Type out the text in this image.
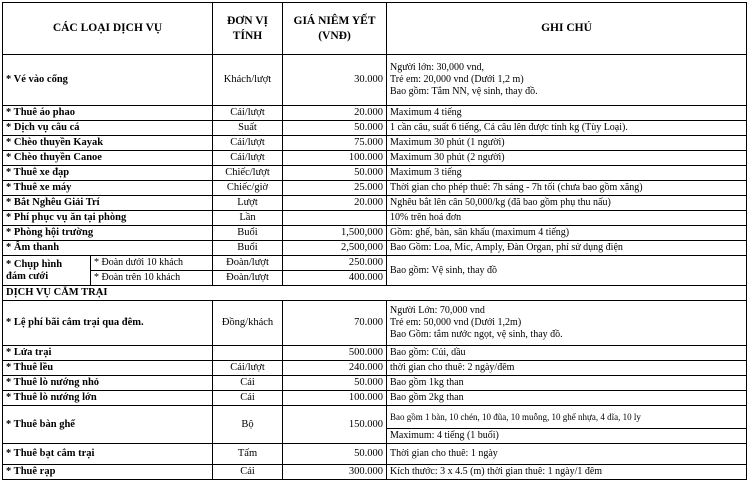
CÁC LOẠI DỊCH VỤ		ĐƠN VỊ TÍNH	GIÁ NIÊM YẾT (VNĐ)	GHI CHÚ
* Vé vào cổng		Khách/lượt	30.000	Người lớn: 30,000 vnd,
Trẻ em: 20,000 vnd (Dưới 1,2 m)
Bao gồm: Tắm NN, vệ sinh, thay đồ.

* Thuê áo phao		Cái/lượt	20.000	Maximum 4 tiếng
* Dịch vụ câu cá		Suất	50.000	1 cần câu, suất 6 tiếng, Cá câu lên được tính kg (Tùy Loại).
* Chèo thuyền Kayak		Cái/lượt	75.000	Maximum 30 phút (1 người)
* Chèo thuyền Canoe		Cái/lượt	100.000	Maximum 30 phút (2 người)
* Thuê xe đạp		Chiếc/lượt	50.000	Maximum 3 tiếng
* Thuê xe máy		Chiếc/giờ	25.000	Thời gian cho phép thuê: 7h sáng - 7h tối (chưa bao gồm xăng)
* Bắt Nghêu Giải Trí		Lượt	20.000	Nghêu bắt lên cân 50,000/kg (đã bao gồm phụ thu nấu)
* Phí phục vụ ăn tại phòng		Lần		10% trên hoá đơn
* Phòng hội trường		Buổi	1,500,000	Gồm: ghế, bàn, sân khấu (maximum 4 tiếng)
* Âm thanh		Buổi	2,500,000	Bao Gồm: Loa, Mic, Amply, Đàn Organ, phí sử dụng điện

* Chụp hình
đám cưới	* Đoàn dưới 10 khách	Đoàn/lượt	250.000	Bao gồm: Vệ sinh, thay đồ
	* Đoàn trên 10 khách	Đoàn/lượt	400.000	
DỊCH VỤ CẮM TRẠI				
* Lệ phí bãi cắm trại qua đêm.		Đồng/khách	70.000	Người Lớn: 70,000 vnd
Trẻ em: 50,000 vnd (Dưới 1,2m)
Bao Gồm: tắm nước ngọt, vệ sinh, thay đồ.

* Lửa trại			500.000	Bao gồm: Củi, dầu
* Thuê lều		Cái/lượt	240.000	thời gian cho thuê: 2 ngày/đêm
* Thuê lò nướng nhỏ		Cái	50.000	Bao gồm 1kg than
* Thuê lò nướng lớn		Cái	100.000	Bao gồm 2kg than
* Thuê bàn ghế		Bộ	150.000	Bao gồm 1 bàn, 10 chén, 10 đũa, 10 muỗng, 10 ghế nhựa, 4 dĩa, 10 ly
				Maximum: 4 tiếng (1 buổi)
* Thuê bạt cắm trại		Tấm	50.000	Thời gian cho thuê: 1 ngày
* Thuê rạp		Cái	300.000	Kích thước: 3 x 4.5 (m) thời gian thuê: 1 ngày/1 đêm
